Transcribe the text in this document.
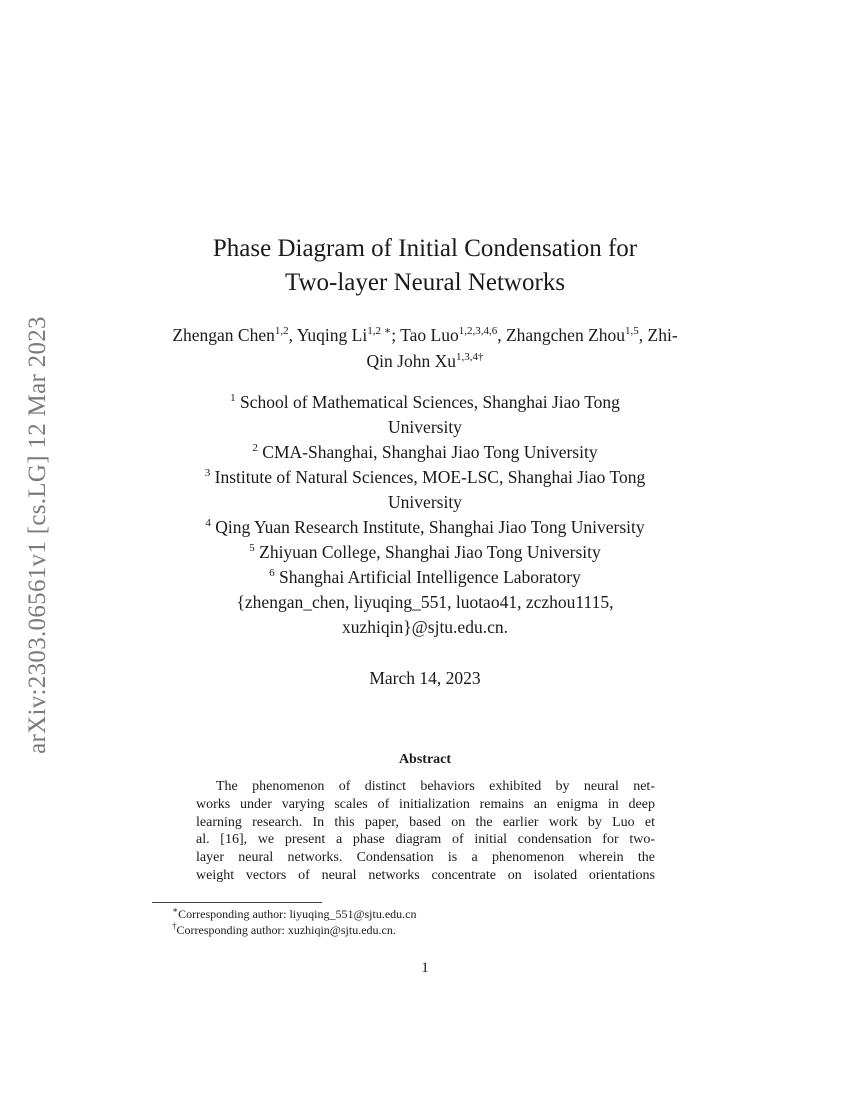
arXiv:2303.06561v1 [cs.LG] 12 Mar 2023
Phase Diagram of Initial Condensation for
Two-layer Neural Networks
Zhengan Chen$^{1,2}$, Yuqing $Li^{1,2 ∗}$; Tao Luo$^{1,2,3,4,6}$, Zhangchen Zhou$^{1,5}$, Zhi-Qin John $Xu^{1,3,4\dagger}$
$^1$ School of Mathematical Sciences, Shanghai Jiao Tong
University
$^2$ CMA-Shanghai, Shanghai Jiao Tong University
$^3$ Institute of Natural Sciences, MOE-LSC, Shanghai Jiao Tong
University
$^4$ Qing Yuan Research Institute, Shanghai Jiao Tong University
$^5$ Zhiyuan College, Shanghai Jiao Tong University
$^6$ Shanghai Artificial Intelligence Laboratory
{zhengan_chen, liyuqing_551, luotao41, zczhou1115,
xuzhiqin}@sjtu.edu.cn.
March 14, 2023
Abstract
The phenomenon of distinct behaviors exhibited by neural net-
works under varying scales of initialization remains an enigma in deep
learning research. In this paper, based on the earlier work by Luo et
al. [16], we present a phase diagram of initial condensation for two-
layer neural networks. Condensation is a phenomenon wherein the
weight vectors of neural networks concentrate on isolated orientations
∗Corresponding author: liyuqing_551@sjtu.edu.cn
†Corresponding author: xuzhiqin@sjtu.edu.cn.
1
